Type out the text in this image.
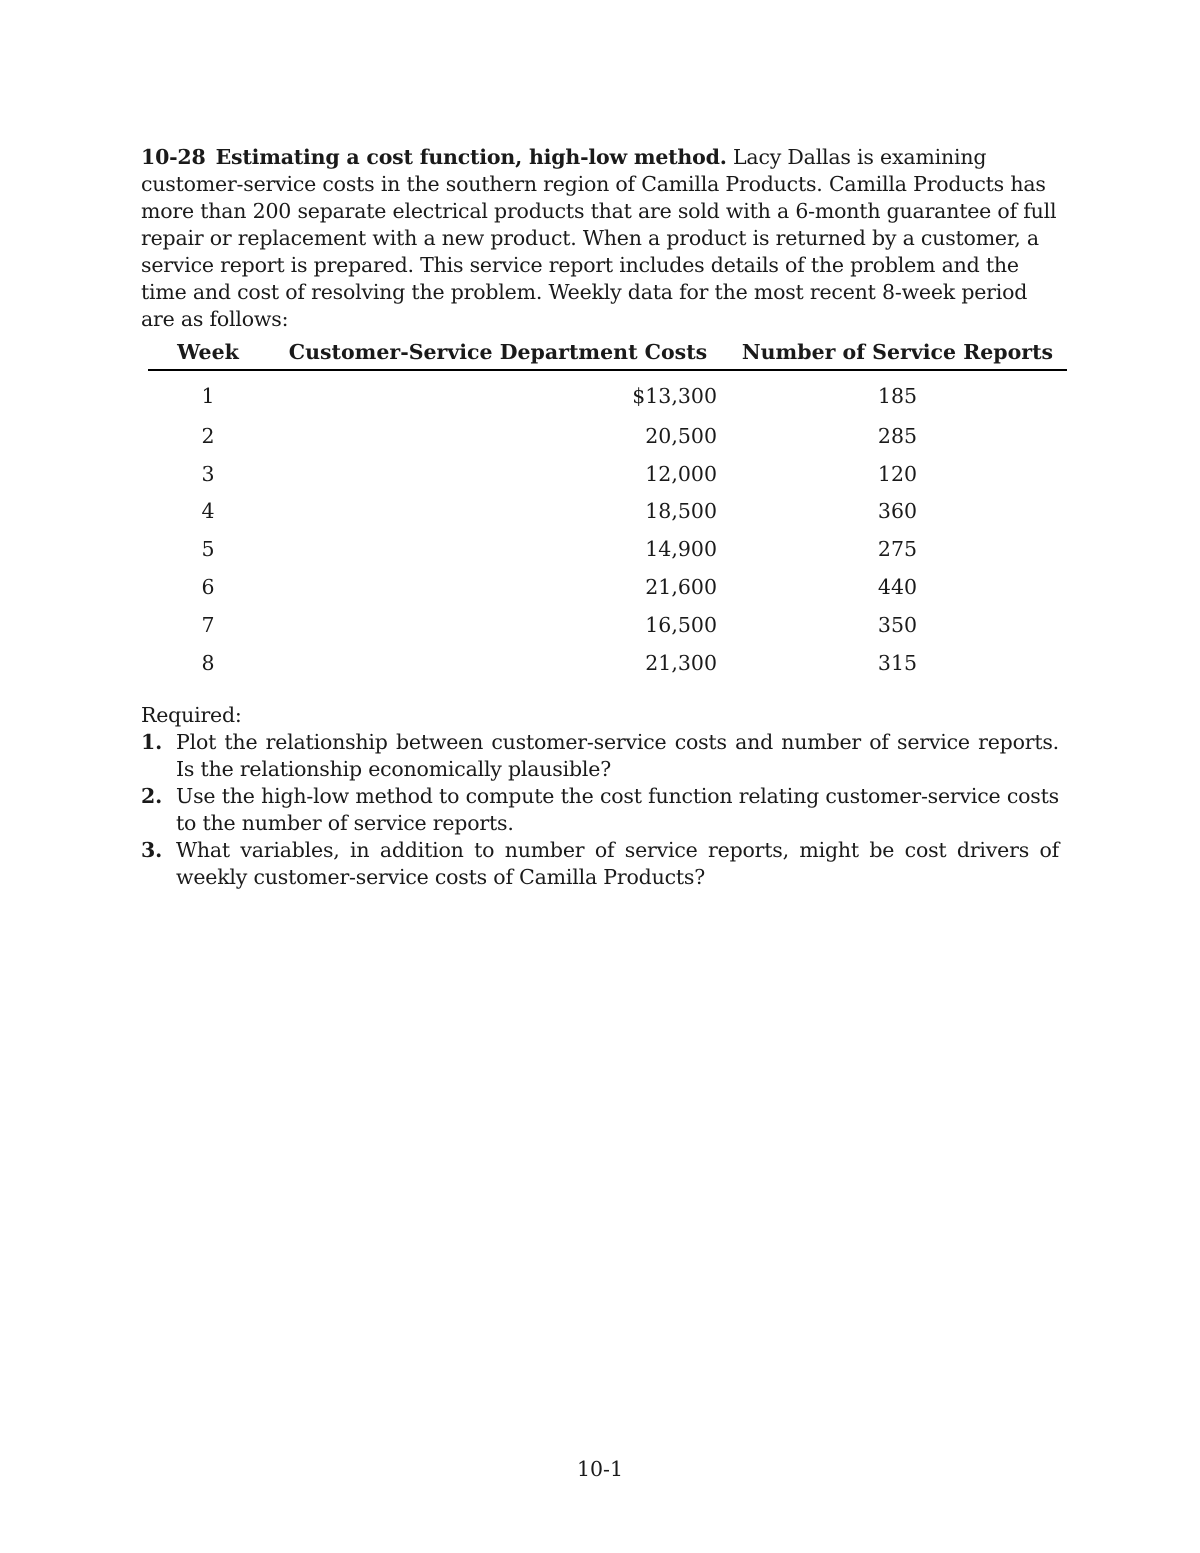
10-28 Estimating a cost function, high-low method. Lacy Dallas is examining customer-service costs in the southern region of Camilla Products. Camilla Products has more than 200 separate electrical products that are sold with a 6-month guarantee of full repair or replacement with a new product. When a product is returned by a customer, a service report is prepared. This service report includes details of the problem and the time and cost of resolving the problem. Weekly data for the most recent 8-week period are as follows:
Week	Customer-Service Department Costs	Number of Service Reports
1	$13,300	185
2	20,500	285
3	12,000	120
4	18,500	360
5	14,900	275
6	21,600	440
7	16,500	350
8	21,300	315
Required:
1. Plot the relationship between customer-service costs and number of service reports. Is the relationship economically plausible?
2. Use the high-low method to compute the cost function relating customer-service costs to the number of service reports.
3. What variables, in addition to number of service reports, might be cost drivers of weekly customer-service costs of Camilla Products?
10-1
